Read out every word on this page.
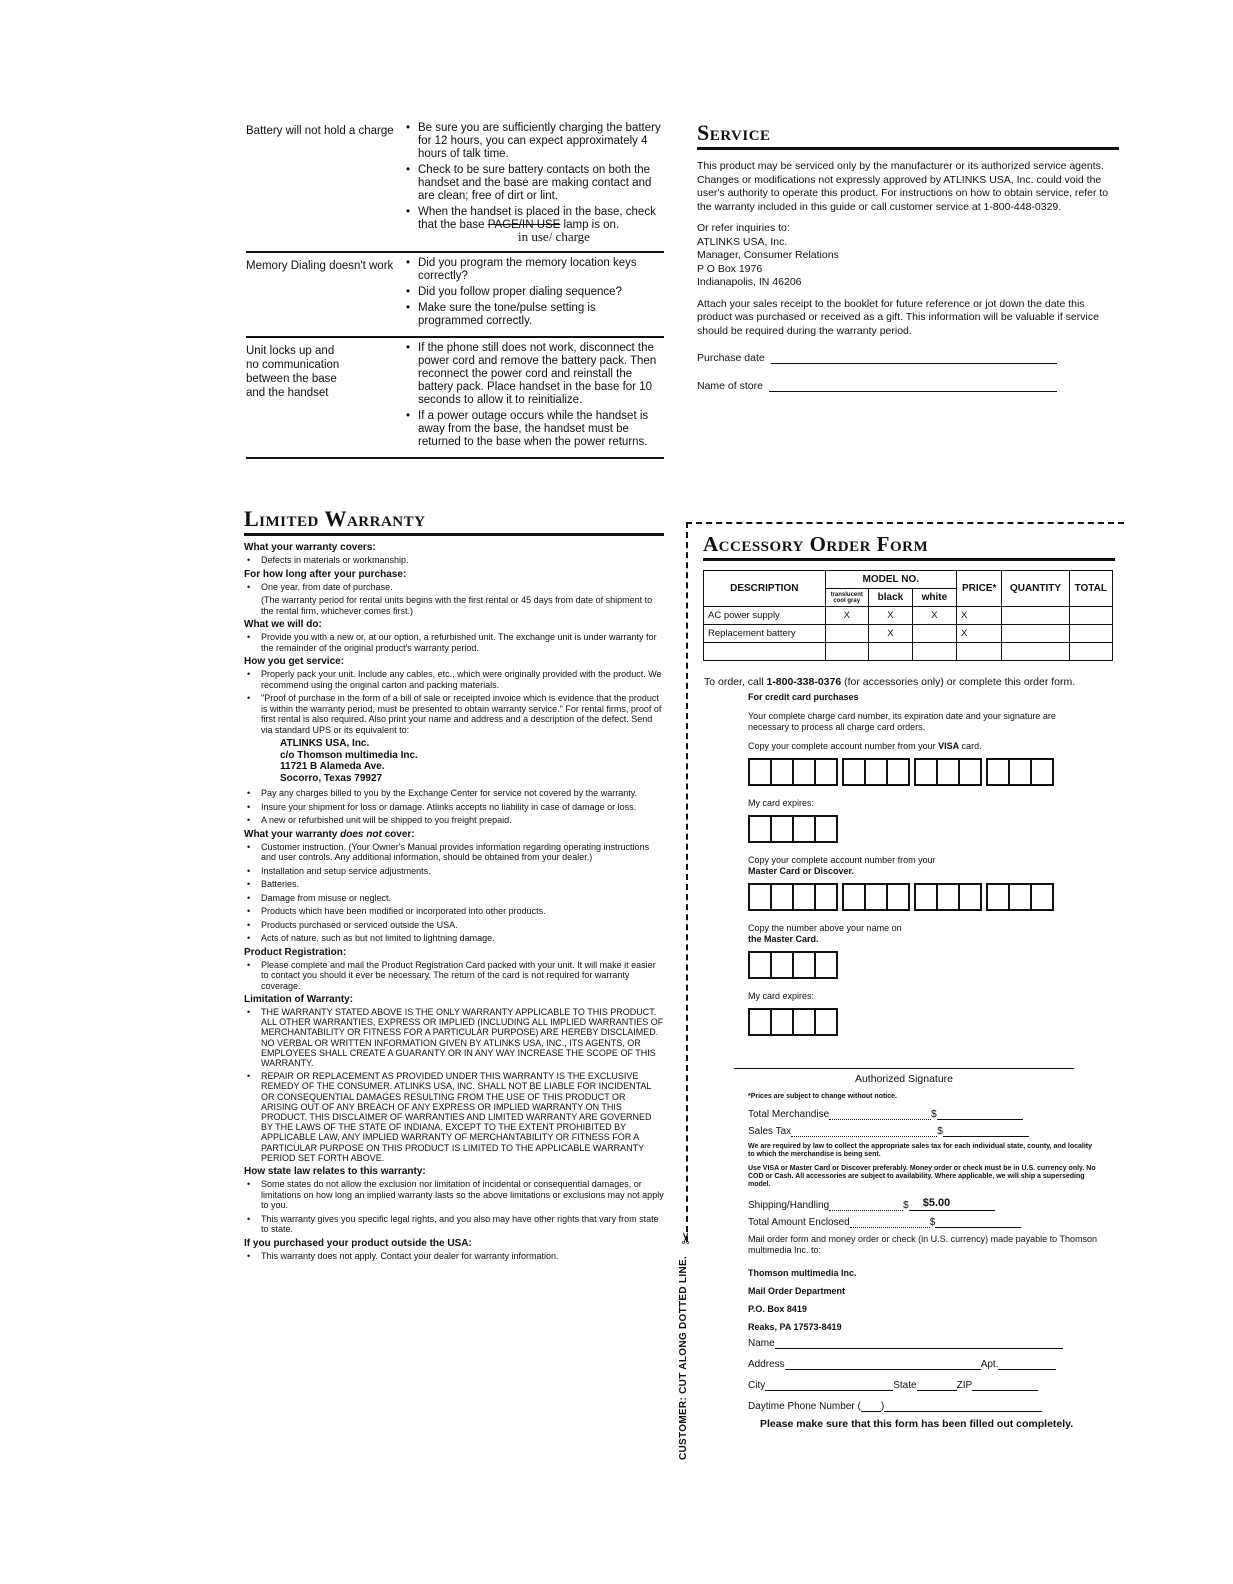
Battery will not hold a charge	• Be sure you are sufficiently charging the battery for 12 hours, you can expect approximately 4 hours of talk time.
• Check to be sure battery contacts on both the handset and the base are making contact and are clean; free of dirt or lint.
• When the handset is placed in the base, check that the base PAGE/IN USE lamp is on.
in use/ charge
Memory Dialing doesn't work	• Did you program the memory location keys correctly?
• Did you follow proper dialing sequence?
• Make sure the tone/pulse setting is programmed correctly.
Unit locks up and no communication between the base and the handset
• If the phone still does not work, disconnect the power cord and remove the battery pack. Then reconnect the power cord and reinstall the battery pack. Place handset in the base for 10 seconds to allow it to reinitialize.
• If a power outage occurs while the handset is away from the base, the handset must be returned to the base when the power returns.
Service

This product may be serviced only by the manufacturer or its authorized service agents. Changes or modifications not expressly approved by ATLINKS USA, Inc. could void the user's authority to operate this product. For instructions on how to obtain service, refer to the warranty included in this guide or call customer service at 1-800-448-0329.

Or refer inquiries to:
ATLINKS USA, Inc.
Manager, Consumer Relations
P O Box 1976
Indianapolis, IN 46206

Attach your sales receipt to the booklet for future reference or jot down the date this product was purchased or received as a gift. This information will be valuable if service should be required during the warranty period.

Purchase date
Name of store
Limited Warranty
What your warranty covers:
• Defects in materials or workmanship.
For how long after your purchase:
• One year, from date of purchase.
(The warranty period for rental units begins with the first rental or 45 days from date of shipment to the rental firm, whichever comes first.)
What we will do:
• Provide you with a new or, at our option, a refurbished unit. The exchange unit is under warranty for the remainder of the original product's warranty period.
How you get service:
• Properly pack your unit. Include any cables, etc., which were originally provided with the product. We recommend using the original carton and packing materials.
• "Proof of purchase in the form of a bill of sale or receipted invoice which is evidence that the product is within the warranty period, must be presented to obtain warranty service." For rental firms, proof of first rental is also required. Also print your name and address and a description of the defect. Send via standard UPS or its equivalent to:
ATLINKS USA, Inc.
c/o Thomson multimedia Inc.
11721 B Alameda Ave.
Socorro, Texas 79927
• Pay any charges billed to you by the Exchange Center for service not covered by the warranty.
• Insure your shipment for loss or damage. Atlinks accepts no liability in case of damage or loss.
• A new or refurbished unit will be shipped to you freight prepaid.
What your warranty does not cover:
• Customer instruction. (Your Owner's Manual provides information regarding operating instructions and user controls. Any additional information, should be obtained from your dealer.)
• Installation and setup service adjustments.
• Batteries.
• Damage from misuse or neglect.
• Products which have been modified or incorporated into other products.
• Products purchased or serviced outside the USA.
• Acts of nature, such as but not limited to lightning damage.
Product Registration:
• Please complete and mail the Product Registration Card packed with your unit. It will make it easier to contact you should it ever be necessary. The return of the card is not required for warranty coverage.
Limitation of Warranty:
• THE WARRANTY STATED ABOVE IS THE ONLY WARRANTY APPLICABLE TO THIS PRODUCT. ALL OTHER WARRANTIES, EXPRESS OR IMPLIED (INCLUDING ALL IMPLIED WARRANTIES OF MERCHANTABILITY OR FITNESS FOR A PARTICULAR PURPOSE) ARE HEREBY DISCLAIMED. NO VERBAL OR WRITTEN INFORMATION GIVEN BY ATLINKS USA, INC., ITS AGENTS, OR EMPLOYEES SHALL CREATE A GUARANTY OR IN ANY WAY INCREASE THE SCOPE OF THIS WARRANTY.
• REPAIR OR REPLACEMENT AS PROVIDED UNDER THIS WARRANTY IS THE EXCLUSIVE REMEDY OF THE CONSUMER. ATLINKS USA, INC. SHALL NOT BE LIABLE FOR INCIDENTAL OR CONSEQUENTIAL DAMAGES RESULTING FROM THE USE OF THIS PRODUCT OR ARISING OUT OF ANY BREACH OF ANY EXPRESS OR IMPLIED WARRANTY ON THIS PRODUCT. THIS DISCLAIMER OF WARRANTIES AND LIMITED WARRANTY ARE GOVERNED BY THE LAWS OF THE STATE OF INDIANA. EXCEPT TO THE EXTENT PROHIBITED BY APPLICABLE LAW, ANY IMPLIED WARRANTY OF MERCHANTABILITY OR FITNESS FOR A PARTICULAR PURPOSE ON THIS PRODUCT IS LIMITED TO THE APPLICABLE WARRANTY PERIOD SET FORTH ABOVE.
How state law relates to this warranty:
• Some states do not allow the exclusion nor limitation of incidental or consequential damages, or limitations on how long an implied warranty lasts so the above limitations or exclusions may not apply to you.
• This warranty gives you specific legal rights, and you also may have other rights that vary from state to state.
If you purchased your product outside the USA:
• This warranty does not apply. Contact your dealer for warranty information.
✂
CUSTOMER: CUT ALONG DOTTED LINE.
Accessory Order Form
DESCRIPTION	MODEL NO.			PRICE*	QUANTITY	TOTAL
	translucent cool gray	black	white			
AC power supply	X	X	X	X		
Replacement battery		X		X		

To order, call 1-800-338-0376 (for accessories only) or complete this order form.
For credit card purchases
Your complete charge card number, its expiration date and your signature are necessary to process all charge card orders.
Copy your complete account number from your VISA card.
My card expires:
Copy your complete account number from your
Master Card or Discover.
Copy the number above your name on
the Master Card.
My card expires:
Authorized Signature
*Prices are subject to change without notice.
Total Merchandise	$
Sales Tax	$
We are required by law to collect the appropriate sales tax for each individual state, county, and locality to which the merchandise is being sent.
Use VISA or Master Card or Discover preferably. Money order or check must be in U.S. currency only. No COD or Cash. All accessories are subject to availability. Where applicable, we will ship a superseding model.
Shipping/Handling	$	$5.00
Total Amount Enclosed	$
Mail order form and money order or check (in U.S. currency) made payable to Thomson multimedia Inc. to:
Thomson multimedia Inc.
Mail Order Department
P.O. Box 8419
Reaks, PA 17573-8419
Name
Address	Apt.
City	State	ZIP
Daytime Phone Number ( )
Please make sure that this form has been filled out completely.
